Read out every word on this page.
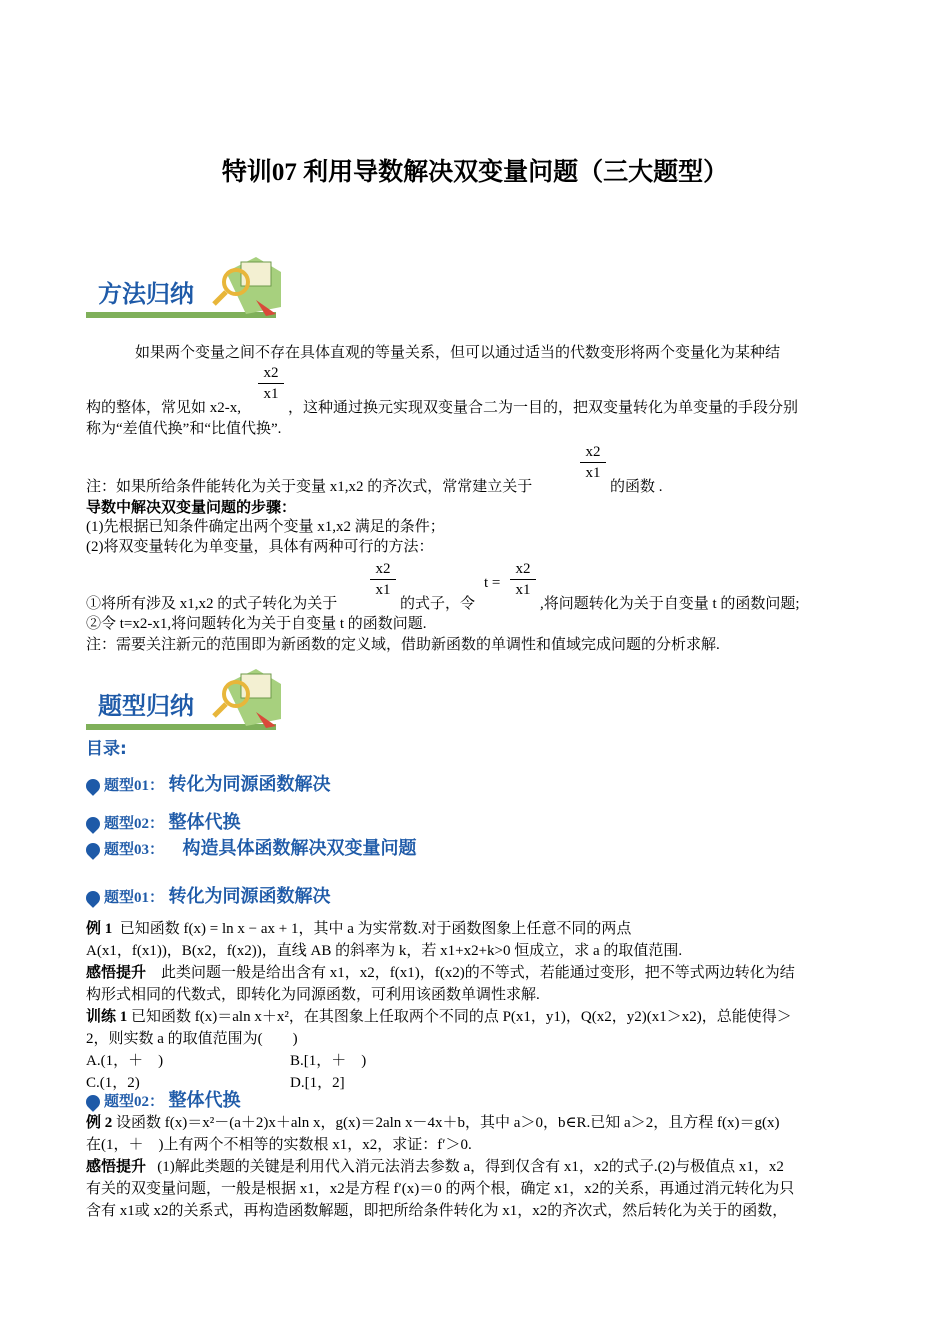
特训07 利用导数解决双变量问题（三大题型）
方法归纳
如果两个变量之间不存在具体直观的等量关系，但可以通过适当的代数变形将两个变量化为某种结
x2
x1
构的整体，常见如 x2-x,	，这种通过换元实现双变量合二为一目的，把双变量转化为单变量的手段分别
称为“差值代换”和“比值代换”.
x2
x1
注：如果所给条件能转化为关于变量 x1,x2 的齐次式，常常建立关于	的函数 .
导数中解决双变量问题的步骤：
(1)先根据已知条件确定出两个变量 x1,x2 满足的条件；
(2)将双变量转化为单变量，具体有两种可行的方法：
x2
x1	t =
x2
x1
①将所有涉及 x1,x2 的式子转化为关于	的式子，令	,将问题转化为关于自变量 t 的函数问题;
②令 t=x2-x1,将问题转化为关于自变量 t 的函数问题.
注：需要关注新元的范围即为新函数的定义域，借助新函数的单调性和值域完成问题的分析求解.
题型归纳
目录:
题型01： 转化为同源函数解决
题型02： 整体代换
题型03： 构造具体函数解决双变量问题
题型01： 转化为同源函数解决
例 1 已知函数 f(x) = ln x − ax + 1，其中 a 为实常数.对于函数图象上任意不同的两点
A(x1，f(x1))，B(x2，f(x2))，直线 AB 的斜率为 k，若 x1+x2+k>0 恒成立，求 a 的取值范围.
感悟提升 此类问题一般是给出含有 x1，x2，f(x1)，f(x2)的不等式，若能通过变形，把不等式两边转化为结
构形式相同的代数式，即转化为同源函数，可利用该函数单调性求解.
训练 1 已知函数 f(x)＝aln x＋x²，在其图象上任取两个不同的点 P(x1，y1)，Q(x2，y2)(x1＞x2)，总能使得＞
2，则实数 a 的取值范围为(　　)
A.(1，＋　)	B.[1，＋　)
C.(1，2)	D.[1，2]
题型02： 整体代换
例 2 设函数 f(x)＝x²－(a＋2)x＋aln x，g(x)＝2aln x－4x＋b，其中 a＞0，b∈R.已知 a＞2，且方程 f(x)＝g(x)
在(1，＋　)上有两个不相等的实数根 x1，x2，求证：f′＞0.
感悟提升 (1)解此类题的关键是利用代入消元法消去参数 a，得到仅含有 x1，x2的式子.(2)与极值点 x1，x2
有关的双变量问题，一般是根据 x1，x2是方程 f′(x)＝0 的两个根，确定 x1，x2的关系，再通过消元转化为只
含有 x1或 x2的关系式，再构造函数解题，即把所给条件转化为 x1，x2的齐次式，然后转化为关于的函数，
